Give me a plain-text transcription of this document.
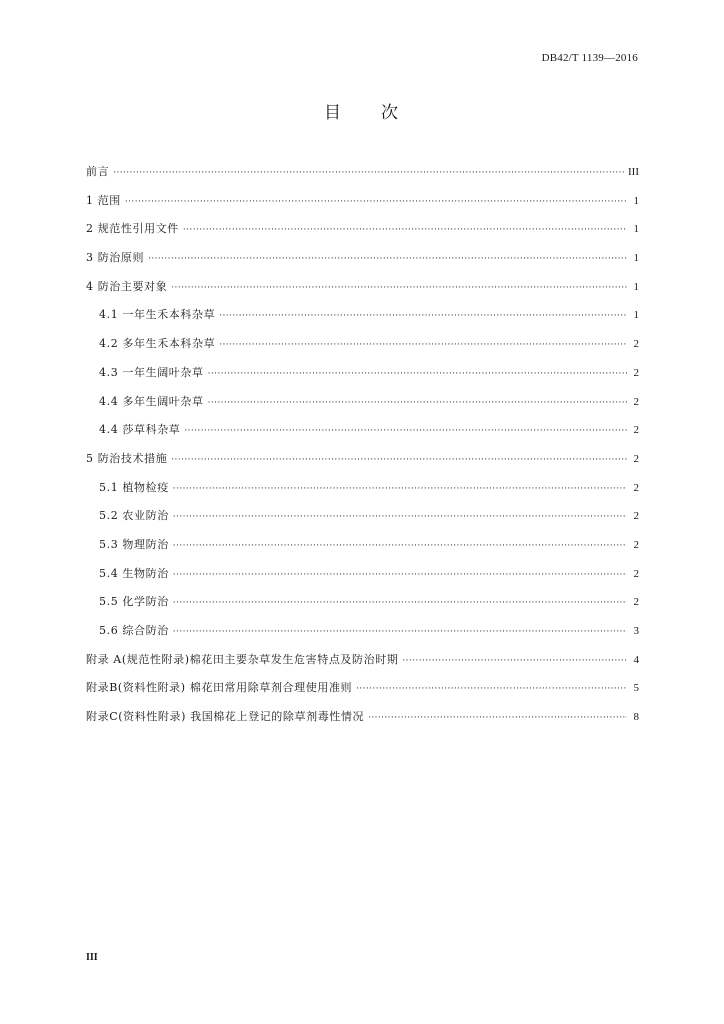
DB42/T 1139—2016
目 次
前言 ·····	III
1 范围 ·····	1
2 规范性引用文件 ·····	1
3 防治原则 ·····	1
4 防治主要对象 ·····	1
4.1 一年生禾本科杂草 ·····	1
4.2 多年生禾本科杂草 ·····	2
4.3 一年生阔叶杂草 ·····	2
4.4 多年生阔叶杂草 ·····	2
4.4 莎草科杂草 ·····	2
5 防治技术措施 ·····	2
5.1 植物检疫 ·····	2
5.2 农业防治 ·····	2
5.3 物理防治 ·····	2
5.4 生物防治 ·····	2
5.5 化学防治 ·····	2
5.6 综合防治 ·····	3
附录 A(规范性附录)棉花田主要杂草发生危害特点及防治时期 ·····	4
附录B(资料性附录) 棉花田常用除草剂合理使用准则 ·····	5
附录C(资料性附录) 我国棉花上登记的除草剂毒性情况 ·····	8
III
